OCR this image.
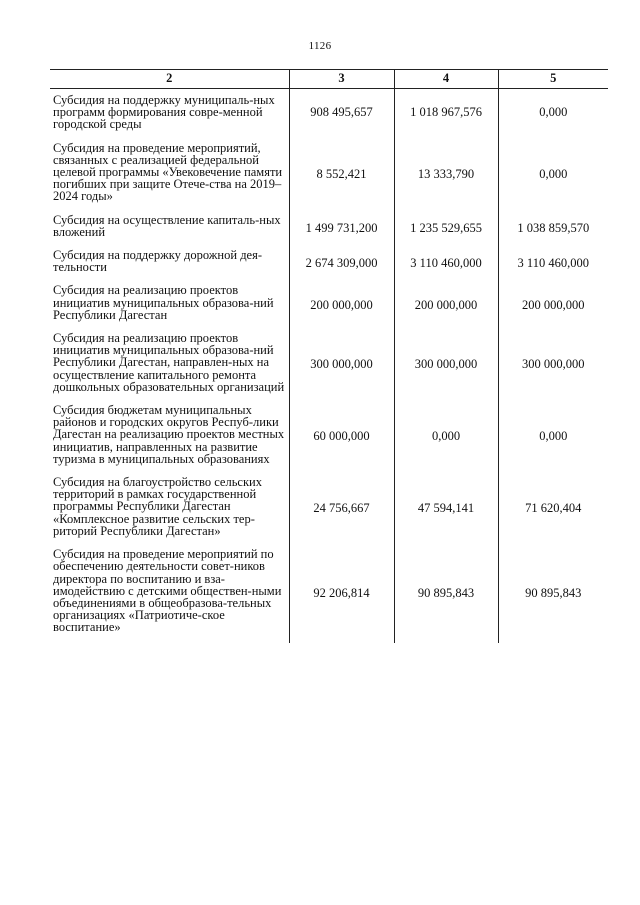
1126
2	3	4	5
Субсидия на поддержку муниципаль-ных программ формирования совре-менной городской среды	908 495,657	1 018 967,576	0,000
Субсидия на проведение мероприятий, связанных с реализацией федеральной целевой программы «Увековечение памяти погибших при защите Отече-ства на 2019–2024 годы»	8 552,421	13 333,790	0,000
Субсидия на осуществление капиталь-ных вложений	1 499 731,200	1 235 529,655	1 038 859,570
Субсидия на поддержку дорожной дея-тельности	2 674 309,000	3 110 460,000	3 110 460,000
Субсидия на реализацию проектов инициатив муниципальных образова-ний Республики Дагестан	200 000,000	200 000,000	200 000,000
Субсидия на реализацию проектов инициатив муниципальных образова-ний Республики Дагестан, направлен-ных на осуществление капитального ремонта дошкольных образовательных организаций	300 000,000	300 000,000	300 000,000
Субсидия бюджетам муниципальных районов и городских округов Респуб-лики Дагестан на реализацию проектов местных инициатив, направленных на развитие туризма в муниципальных образованиях	60 000,000	0,000	0,000
Субсидия на благоустройство сельских территорий в рамках государственной программы Республики Дагестан «Комплексное развитие сельских тер-риторий Республики Дагестан»	24 756,667	47 594,141	71 620,404
Субсидия на проведение мероприятий по обеспечению деятельности совет-ников директора по воспитанию и вза-имодействию с детскими обществен-ными объединениями в общеобразова-тельных организациях «Патриотиче-ское воспитание»	92 206,814	90 895,843	90 895,843
